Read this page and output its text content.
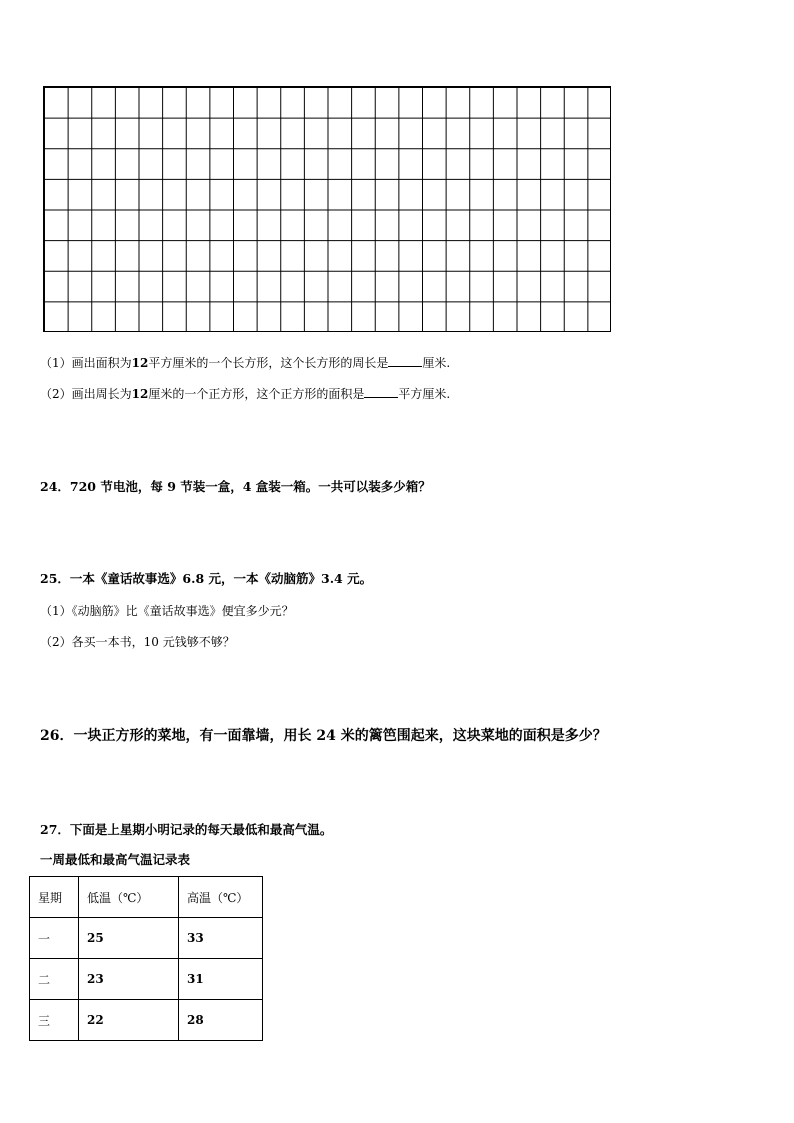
（1）画出面积为12平方厘米的一个长方形，这个长方形的周长是	厘米.
（2）画出周长为12厘米的一个正方形，这个正方形的面积是	平方厘米.
24．720 节电池，每 9 节装一盒，4 盒装一箱。一共可以装多少箱？
25．一本《童话故事选》6.8 元，一本《动脑筋》3.4 元。
（1）《动脑筋》比《童话故事选》便宜多少元？
（2）各买一本书，10 元钱够不够？
26．一块正方形的菜地，有一面靠墙，用长 24 米的篱笆围起来，这块菜地的面积是多少？
27．下面是上星期小明记录的每天最低和最高气温。
一周最低和最高气温记录表
星期	低温（℃）	高温（℃）
一	25	33
二	23	31
三	22	28
